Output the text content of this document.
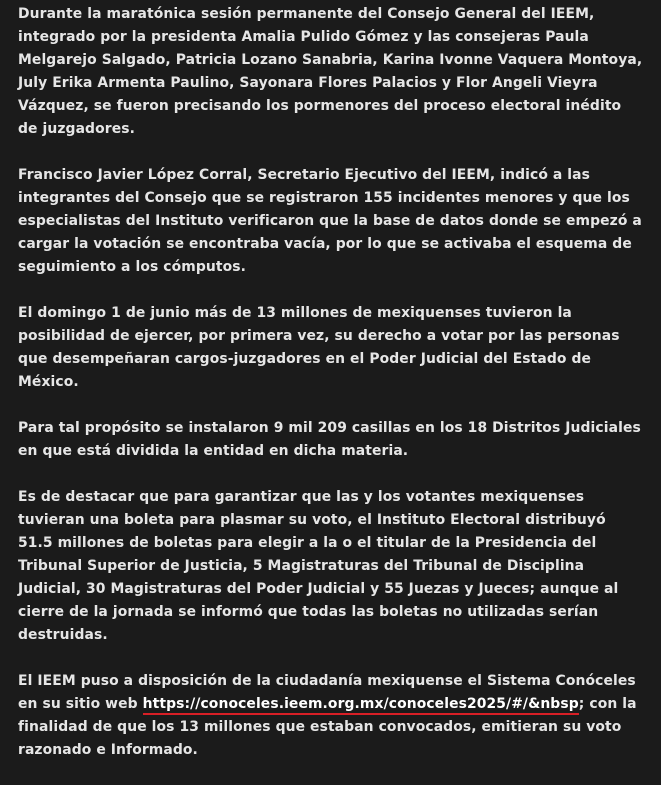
Durante la maratónica sesión permanente del Consejo General del IEEM, integrado por la presidenta Amalia Pulido Gómez y las consejeras Paula Melgarejo Salgado, Patricia Lozano Sanabria, Karina Ivonne Vaquera Montoya, July Erika Armenta Paulino, Sayonara Flores Palacios y Flor Angeli Vieyra Vázquez, se fueron precisando los pormenores del proceso electoral inédito de juzgadores.

Francisco Javier López Corral, Secretario Ejecutivo del IEEM, indicó a las integrantes del Consejo que se registraron 155 incidentes menores y que los especialistas del Instituto verificaron que la base de datos donde se empezó a cargar la votación se encontraba vacía, por lo que se activaba el esquema de seguimiento a los cómputos.

El domingo 1 de junio más de 13 millones de mexiquenses tuvieron la posibilidad de ejercer, por primera vez, su derecho a votar por las personas que desempeñaran cargos-juzgadores en el Poder Judicial del Estado de México.

Para tal propósito se instalaron 9 mil 209 casillas en los 18 Distritos Judiciales en que está dividida la entidad en dicha materia.

Es de destacar que para garantizar que las y los votantes mexiquenses tuvieran una boleta para plasmar su voto, el Instituto Electoral distribuyó 51.5 millones de boletas para elegir a la o el titular de la Presidencia del Tribunal Superior de Justicia, 5 Magistraturas del Tribunal de Disciplina Judicial, 30 Magistraturas del Poder Judicial y 55 Juezas y Jueces; aunque al cierre de la jornada se informó que todas las boletas no utilizadas serían destruidas.

El IEEM puso a disposición de la ciudadanía mexiquense el Sistema Conóceles en su sitio web https://conoceles.ieem.org.mx/conoceles2025/#/&nbsp; con la finalidad de que los 13 millones que estaban convocados, emitieran su voto razonado e Informado.
